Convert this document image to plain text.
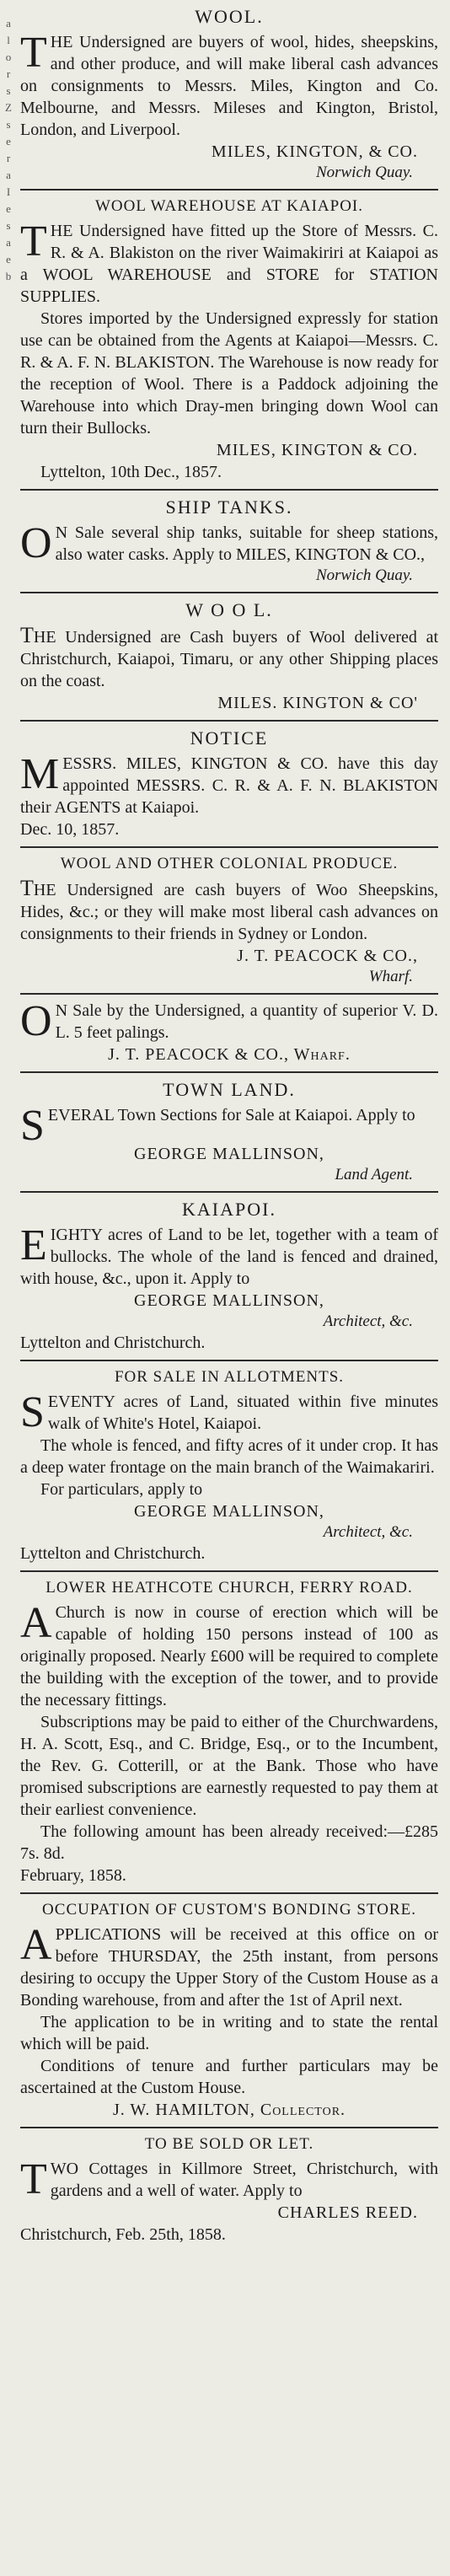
a
l
o
r
s
Z
s
e
r
a
I
e
s
a
e
b
WOOL.

THE Undersigned are buyers of wool, hides, sheepskins, and other produce, and will make liberal cash advances on consignments to Messrs. Miles, Kington and Co. Melbourne, and Messrs. Mileses and Kington, Bristol, London, and Liverpool.

MILES, KINGTON, & CO.
Norwich Quay.
WOOL WAREHOUSE AT KAIAPOI.

THE Undersigned have fitted up the Store of Messrs. C. R. & A. Blakiston on the river Waimakiriri at Kaiapoi as a WOOL WAREHOUSE and STORE for STATION SUPPLIES.

Stores imported by the Undersigned expressly for station use can be obtained from the Agents at Kaiapoi—Messrs. C. R. & A. F. N. BLAKISTON. The Warehouse is now ready for the reception of Wool. There is a Paddock adjoining the Warehouse into which Dray-men bringing down Wool can turn their Bullocks.

MILES, KINGTON & CO.
Lyttelton, 10th Dec., 1857.
SHIP TANKS.

O N Sale several ship tanks, suitable for sheep stations, also water casks. Apply to MILES, KINGTON & CO.,

Norwich Quay.
W O O L.

THE Undersigned are Cash buyers of Wool delivered at Christchurch, Kaiapoi, Timaru, or any other Shipping places on the coast.

MILES. KINGTON & CO'
NOTICE

MESSRS. MILES, KINGTON & CO. have this day appointed MESSRS. C. R. & A. F. N. BLAKISTON their AGENTS at Kaiapoi.

Dec. 10, 1857.
WOOL AND OTHER COLONIAL PRODUCE.

THE Undersigned are cash buyers of Woo Sheepskins, Hides, &c.; or they will make most liberal cash advances on consignments to their friends in Sydney or London.

J. T. PEACOCK & CO.,
Wharf.

O N Sale by the Undersigned, a quantity of superior V. D. L. 5 feet palings.

J. T. PEACOCK & CO., Wharf.
TOWN LAND.

SEVERAL Town Sections for Sale at Kaiapoi. Apply to

GEORGE MALLINSON,
Land Agent.
KAIAPOI.

EIGHTY acres of Land to be let, together with a team of bullocks. The whole of the land is fenced and drained, with house, &c., upon it. Apply to

GEORGE MALLINSON,
Architect, &c.
Lyttelton and Christchurch.
FOR SALE IN ALLOTMENTS.

SEVENTY acres of Land, situated within five minutes walk of White's Hotel, Kaiapoi.

The whole is fenced, and fifty acres of it under crop. It has a deep water frontage on the main branch of the Waimakariri.

For particulars, apply to

GEORGE MALLINSON,
Architect, &c.
Lyttelton and Christchurch.
LOWER HEATHCOTE CHURCH, FERRY ROAD.

A Church is now in course of erection which will be capable of holding 150 persons instead of 100 as originally proposed. Nearly £600 will be required to complete the building with the exception of the tower, and to provide the necessary fittings.

Subscriptions may be paid to either of the Churchwardens, H. A. Scott, Esq., and C. Bridge, Esq., or to the Incumbent, the Rev. G. Cotterill, or at the Bank. Those who have promised subscriptions are earnestly requested to pay them at their earliest convenience.

The following amount has been already received:—£285 7s. 8d.

February, 1858.
OCCUPATION OF CUSTOM'S BONDING STORE.

APPLICATIONS will be received at this office on or before THURSDAY, the 25th instant, from persons desiring to occupy the Upper Story of the Custom House as a Bonding warehouse, from and after the 1st of April next.

The application to be in writing and to state the rental which will be paid.

Conditions of tenure and further particulars may be ascertained at the Custom House.

J. W. HAMILTON, Collector.
TO BE SOLD OR LET.

TWO Cottages in Killmore Street, Christchurch, with gardens and a well of water. Apply to

CHARLES REED.
Christchurch, Feb. 25th, 1858.
